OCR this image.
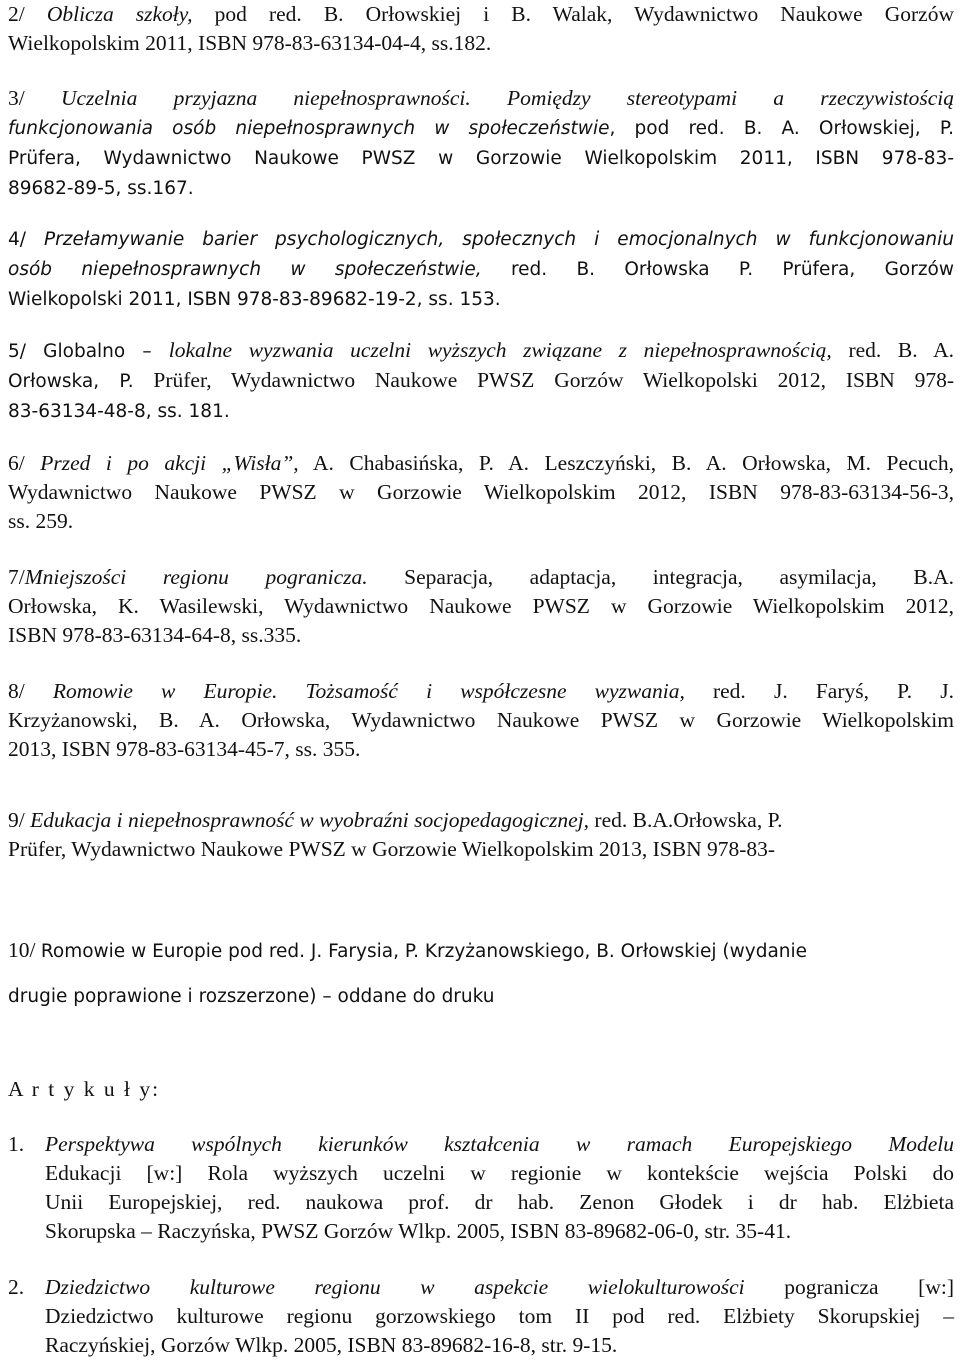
2/ Oblicza szkoły, pod red. B. Orłowskiej i B. Walak, Wydawnictwo Naukowe Gorzów
Wielkopolskim 2011, ISBN 978-83-63134-04-4, ss.182.
3/ Uczelnia przyjazna niepełnosprawności. Pomiędzy stereotypami a rzeczywistością
funkcjonowania osób niepełnosprawnych w społeczeństwie, pod red. B. A. Orłowskiej, P.
Prüfera, Wydawnictwo Naukowe PWSZ w Gorzowie Wielkopolskim 2011, ISBN 978-83-
89682-89-5, ss.167.
4/ Przełamywanie barier psychologicznych, społecznych i emocjonalnych w funkcjonowaniu
osób niepełnosprawnych w społeczeństwie, red. B. Orłowska P. Prüfera, Gorzów
Wielkopolski 2011, ISBN 978-83-89682-19-2, ss. 153.
5/ Globalno – lokalne wyzwania uczelni wyższych związane z niepełnosprawnością, red. B. A.
Orłowska, P. Prüfer, Wydawnictwo Naukowe PWSZ Gorzów Wielkopolski 2012, ISBN 978-
83-63134-48-8, ss. 181.
6/ Przed i po akcji „Wisła”, A. Chabasińska, P. A. Leszczyński, B. A. Orłowska, M. Pecuch,
Wydawnictwo Naukowe PWSZ w Gorzowie Wielkopolskim 2012, ISBN 978-83-63134-56-3,
ss. 259.
7/Mniejszości regionu pogranicza. Separacja, adaptacja, integracja, asymilacja, B.A.
Orłowska, K. Wasilewski, Wydawnictwo Naukowe PWSZ w Gorzowie Wielkopolskim 2012,
ISBN 978-83-63134-64-8, ss.335.
8/ Romowie w Europie. Tożsamość i współczesne wyzwania, red. J. Faryś, P. J.
Krzyżanowski, B. A. Orłowska, Wydawnictwo Naukowe PWSZ w Gorzowie Wielkopolskim
2013, ISBN 978-83-63134-45-7, ss. 355.
9/ Edukacja i niepełnosprawność w wyobraźni socjopedagogicznej, red. B.A.Orłowska, P.
Prüfer, Wydawnictwo Naukowe PWSZ w Gorzowie Wielkopolskim 2013, ISBN 978-83-
10/ Romowie w Europie pod red. J. Farysia, P. Krzyżanowskiego, B. Orłowskiej (wydanie
drugie poprawione i rozszerzone) – oddane do druku
A r t y k u ł y:
1. Perspektywa wspólnych kierunków kształcenia w ramach Europejskiego Modelu
Edukacji [w:] Rola wyższych uczelni w regionie w kontekście wejścia Polski do
Unii Europejskiej, red. naukowa prof. dr hab. Zenon Głodek i dr hab. Elżbieta
Skorupska – Raczyńska, PWSZ Gorzów Wlkp. 2005, ISBN 83-89682-06-0, str. 35-41.
2. Dziedzictwo kulturowe regionu w aspekcie wielokulturowości pogranicza [w:]
Dziedzictwo kulturowe regionu gorzowskiego tom II pod red. Elżbiety Skorupskiej –
Raczyńskiej, Gorzów Wlkp. 2005, ISBN 83-89682-16-8, str. 9-15.
